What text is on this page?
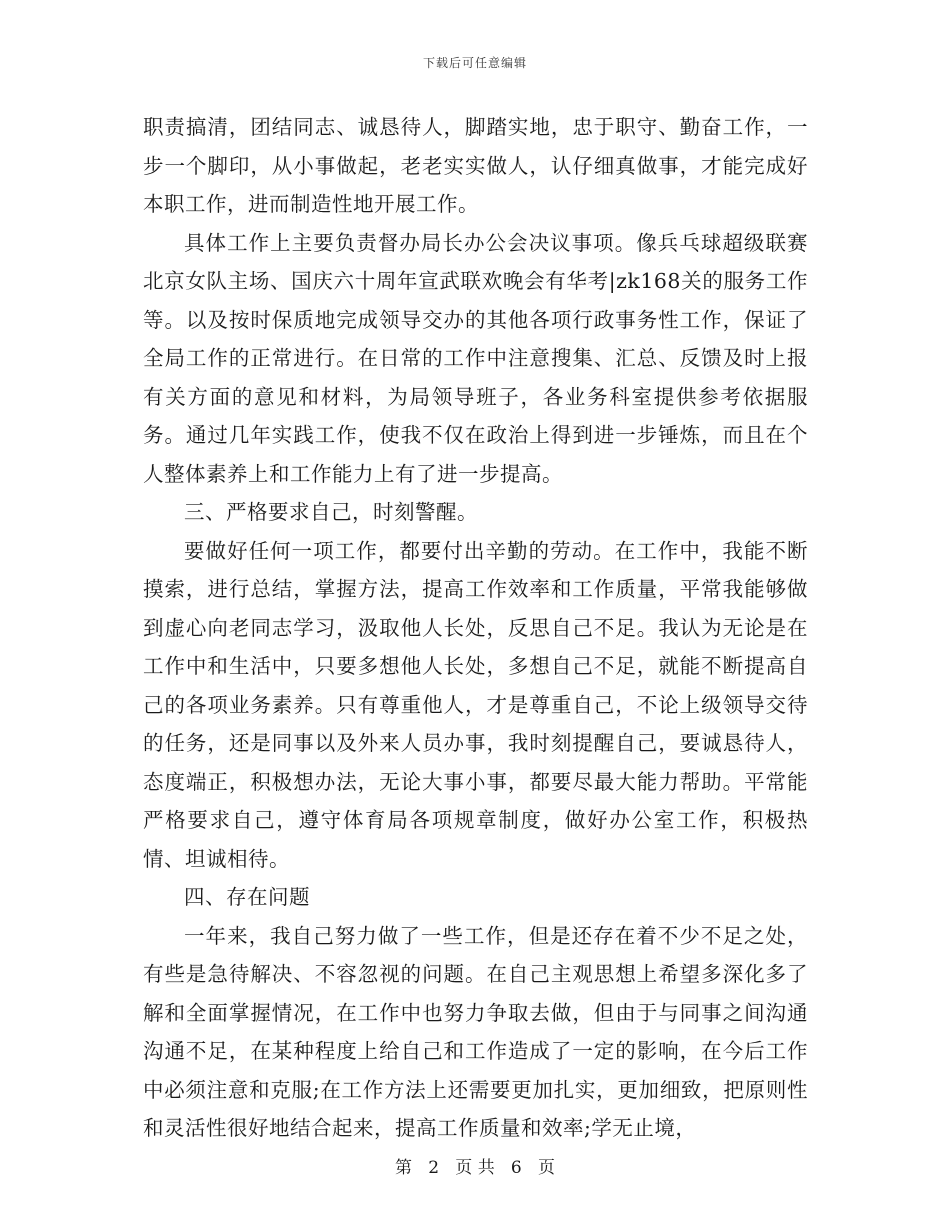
下载后可任意编辑

职责搞清，团结同志、诚恳待人，脚踏实地，忠于职守、勤奋工作，一步一个脚印，从小事做起，老老实实做人，认仔细真做事，才能完成好本职工作，进而制造性地开展工作。

具体工作上主要负责督办局长办公会决议事项。像兵乓球超级联赛北京女队主场、国庆六十周年宣武联欢晚会有华考|zk168关的服务工作等。以及按时保质地完成领导交办的其他各项行政事务性工作，保证了全局工作的正常进行。在日常的工作中注意搜集、汇总、反馈及时上报有关方面的意见和材料，为局领导班子，各业务科室提供参考依据服务。通过几年实践工作，使我不仅在政治上得到进一步锤炼，而且在个人整体素养上和工作能力上有了进一步提高。

三、严格要求自己，时刻警醒。

要做好任何一项工作，都要付出辛勤的劳动。在工作中，我能不断摸索，进行总结，掌握方法，提高工作效率和工作质量，平常我能够做到虚心向老同志学习，汲取他人长处，反思自己不足。我认为无论是在工作中和生活中，只要多想他人长处，多想自己不足，就能不断提高自己的各项业务素养。只有尊重他人，才是尊重自己，不论上级领导交待的任务，还是同事以及外来人员办事，我时刻提醒自己，要诚恳待人，态度端正，积极想办法，无论大事小事，都要尽最大能力帮助。平常能严格要求自己，遵守体育局各项规章制度，做好办公室工作，积极热情、坦诚相待。

四、存在问题

一年来，我自己努力做了一些工作，但是还存在着不少不足之处，有些是急待解决、不容忽视的问题。在自己主观思想上希望多深化多了解和全面掌握情况，在工作中也努力争取去做，但由于与同事之间沟通沟通不足，在某种程度上给自己和工作造成了一定的影响，在今后工作中必须注意和克服;在工作方法上还需要更加扎实，更加细致，把原则性和灵活性很好地结合起来，提高工作质量和效率;学无止境，

第 2 页 共 6 页
